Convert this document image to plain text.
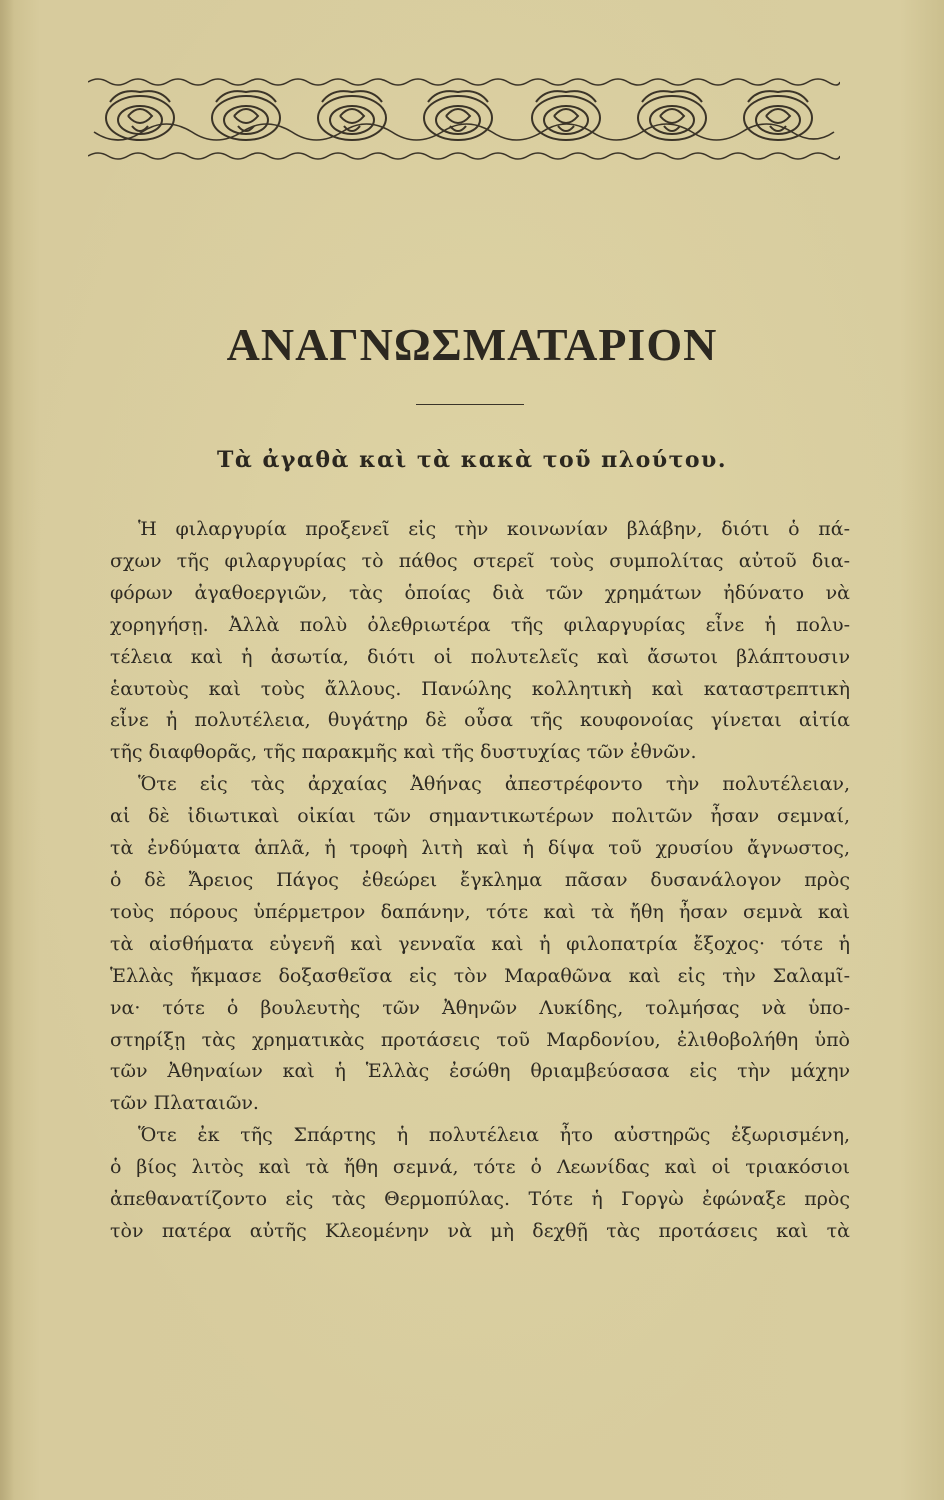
ΑΝΑΓΝΩΣΜΑΤΑΡΙΟΝ
Τὰ ἀγαθὰ καὶ τὰ κακὰ τοῦ πλούτου.
Ἡ φιλαργυρία προξενεῖ εἰς τὴν κοινωνίαν βλάβην, διότι ὁ πά-
σχων τῆς φιλαργυρίας τὸ πάθος στερεῖ τοὺς συμπολίτας αὐτοῦ δια-
φόρων ἀγαθοεργιῶν, τὰς ὁποίας διὰ τῶν χρημάτων ἠδύνατο νὰ
χορηγήσῃ. Ἀλλὰ πολὺ ὀλεθριωτέρα τῆς φιλαργυρίας εἶνε ἡ πολυ-
τέλεια καὶ ἡ ἀσωτία, διότι οἱ πολυτελεῖς καὶ ἄσωτοι βλάπτουσιν
ἑαυτοὺς καὶ τοὺς ἄλλους. Πανώλης κολλητικὴ καὶ καταστρεπτικὴ
εἶνε ἡ πολυτέλεια, θυγάτηρ δὲ οὖσα τῆς κουφονοίας γίνεται αἰτία
τῆς διαφθορᾶς, τῆς παρακμῆς καὶ τῆς δυστυχίας τῶν ἐθνῶν.
Ὅτε εἰς τὰς ἀρχαίας Ἀθήνας ἀπεστρέφοντο τὴν πολυτέλειαν,
αἱ δὲ ἰδιωτικαὶ οἰκίαι τῶν σημαντικωτέρων πολιτῶν ἦσαν σεμναί,
τὰ ἐνδύματα ἁπλᾶ, ἡ τροφὴ λιτὴ καὶ ἡ δίψα τοῦ χρυσίου ἄγνωστος,
ὁ δὲ Ἄρειος Πάγος ἐθεώρει ἔγκλημα πᾶσαν δυσανάλογον πρὸς
τοὺς πόρους ὑπέρμετρον δαπάνην, τότε καὶ τὰ ἤθη ἦσαν σεμνὰ καὶ
τὰ αἰσθήματα εὐγενῆ καὶ γενναῖα καὶ ἡ φιλοπατρία ἔξοχος· τότε ἡ
Ἑλλὰς ἤκμασε δοξασθεῖσα εἰς τὸν Μαραθῶνα καὶ εἰς τὴν Σαλαμῖ-
να· τότε ὁ βουλευτὴς τῶν Ἀθηνῶν Λυκίδης, τολμήσας νὰ ὑπο-
στηρίξῃ τὰς χρηματικὰς προτάσεις τοῦ Μαρδονίου, ἐλιθοβολήθη ὑπὸ
τῶν Ἀθηναίων καὶ ἡ Ἑλλὰς ἐσώθη θριαμβεύσασα εἰς τὴν μάχην
τῶν Πλαταιῶν.
Ὅτε ἐκ τῆς Σπάρτης ἡ πολυτέλεια ἦτο αὐστηρῶς ἐξωρισμένη,
ὁ βίος λιτὸς καὶ τὰ ἤθη σεμνά, τότε ὁ Λεωνίδας καὶ οἱ τριακόσιοι
ἀπεθανατίζοντο εἰς τὰς Θερμοπύλας. Τότε ἡ Γοργὼ ἐφώναξε πρὸς
τὸν πατέρα αὐτῆς Κλεομένην νὰ μὴ δεχθῇ τὰς προτάσεις καὶ τὰ
